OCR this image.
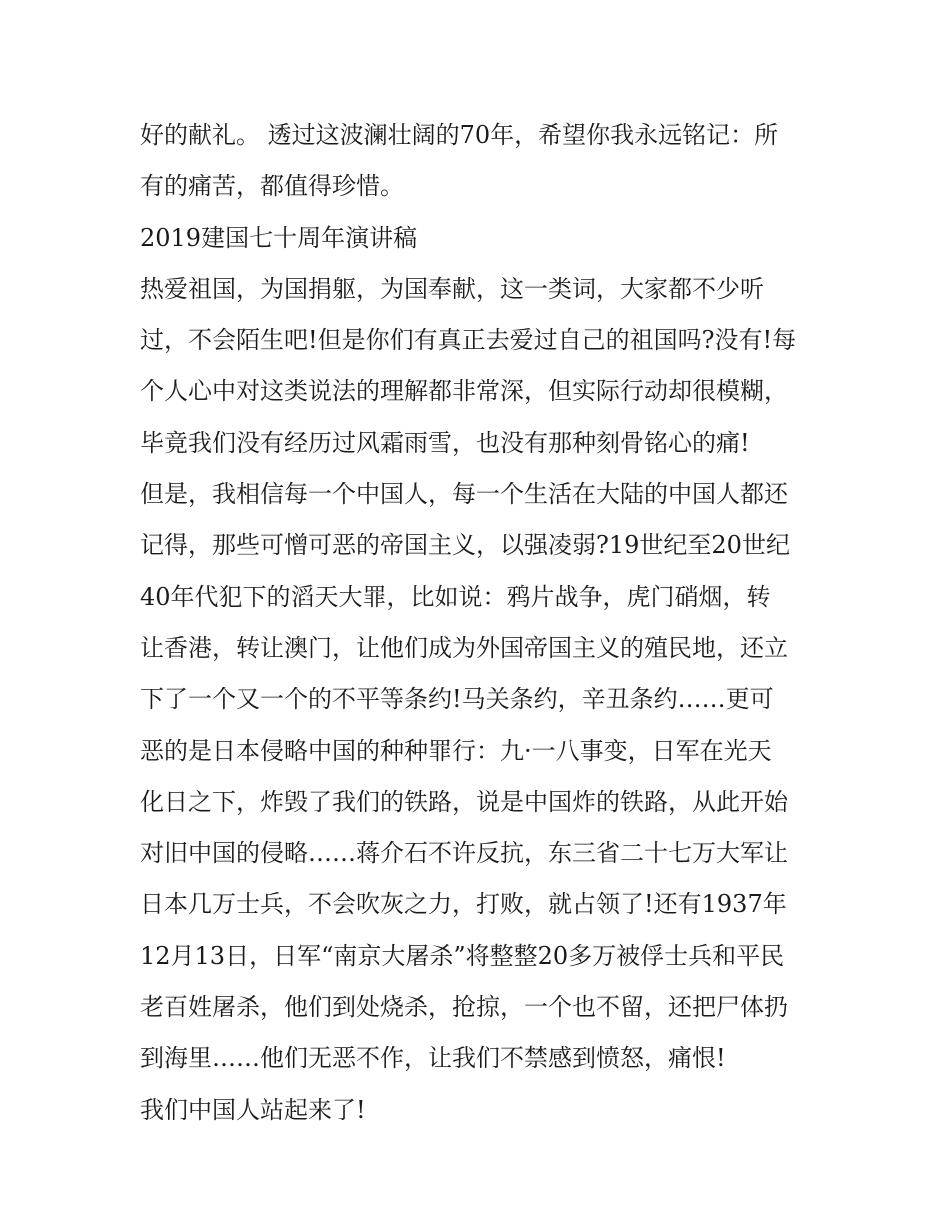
好的献礼。 透过这波澜壮阔的70年，希望你我永远铭记：所
有的痛苦，都值得珍惜。
2019建国七十周年演讲稿
热爱祖国，为国捐躯，为国奉献，这一类词，大家都不少听
过，不会陌生吧!但是你们有真正去爱过自己的祖国吗?没有!每
个人心中对这类说法的理解都非常深，但实际行动却很模糊，
毕竟我们没有经历过风霜雨雪，也没有那种刻骨铭心的痛!
但是，我相信每一个中国人，每一个生活在大陆的中国人都还
记得，那些可憎可恶的帝国主义，以强凌弱?19世纪至20世纪
40年代犯下的滔天大罪，比如说：鸦片战争，虎门硝烟，转
让香港，转让澳门，让他们成为外国帝国主义的殖民地，还立
下了一个又一个的不平等条约!马关条约，辛丑条约……更可
恶的是日本侵略中国的种种罪行：九·一八事变，日军在光天
化日之下，炸毁了我们的铁路，说是中国炸的铁路，从此开始
对旧中国的侵略……蒋介石不许反抗，东三省二十七万大军让
日本几万士兵，不会吹灰之力，打败，就占领了!还有1937年
12月13日，日军“南京大屠杀”将整整20多万被俘士兵和平民
老百姓屠杀，他们到处烧杀，抢掠，一个也不留，还把尸体扔
到海里……他们无恶不作，让我们不禁感到愤怒，痛恨!
我们中国人站起来了!
